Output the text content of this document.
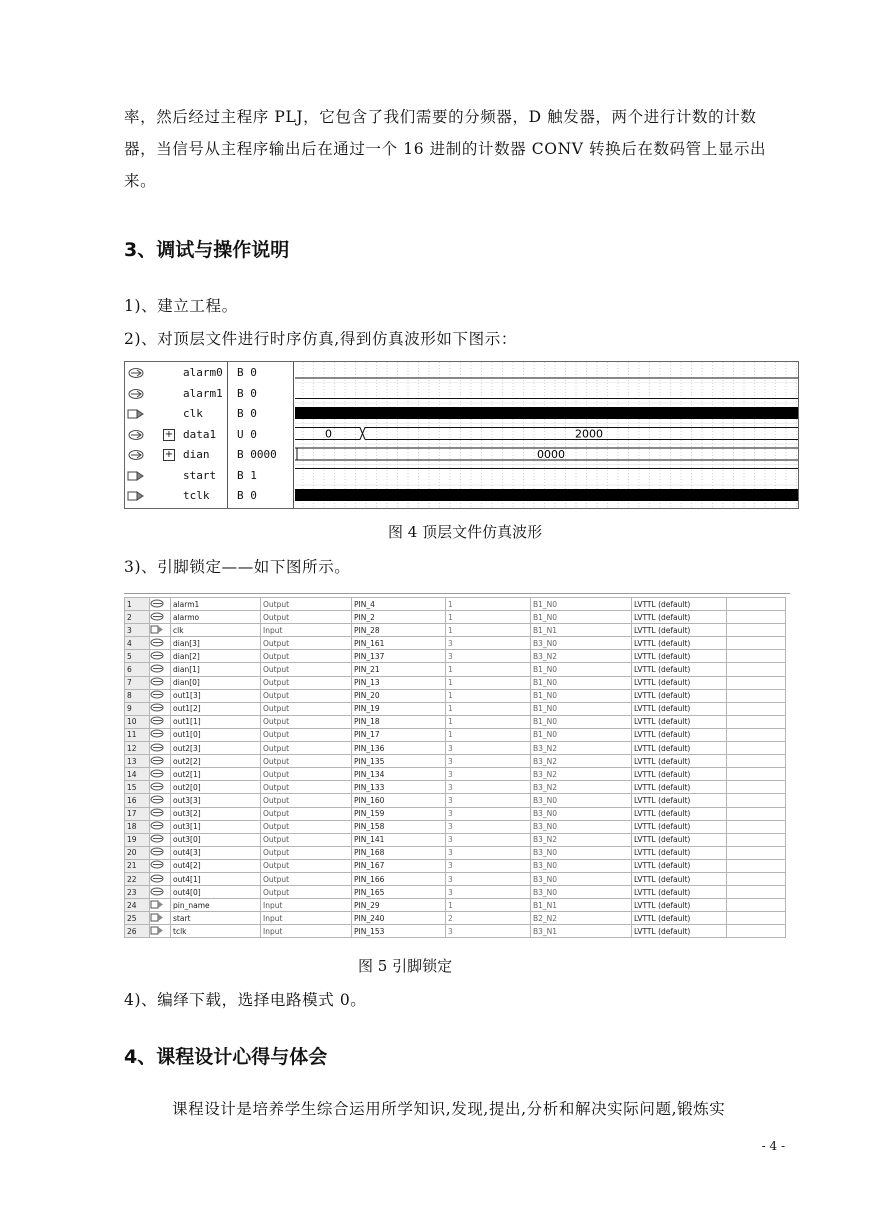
率，然后经过主程序 PLJ，它包含了我们需要的分频器，D 触发器，两个进行计数的计数器，当信号从主程序输出后在通过一个 16 进制的计数器 CONV 转换后在数码管上显示出来。
3、调试与操作说明
1)、建立工程。
2)、对顶层文件进行时序仿真,得到仿真波形如下图示：
alarm0 B 0
alarm1 B 0
clk	B 0
+ data1 U 0
+ dian	B 0000
start B 1
tclk	B 0
0	2000
0000
图 4 顶层文件仿真波形
3)、引脚锁定——如下图所示。
1		alarm1	Output	PIN_4	1	B1_N0	LVTTL (default)	
2		alarmo	Output	PIN_2	1	B1_N0	LVTTL (default)	
3		clk	Input	PIN_28	1	B1_N1	LVTTL (default)	
4		dian[3]	Output	PIN_161	3	B3_N0	LVTTL (default)	
5		dian[2]	Output	PIN_137	3	B3_N2	LVTTL (default)	
6		dian[1]	Output	PIN_21	1	B1_N0	LVTTL (default)	
7		dian[0]	Output	PIN_13	1	B1_N0	LVTTL (default)	
8		out1[3]	Output	PIN_20	1	B1_N0	LVTTL (default)	
9		out1[2]	Output	PIN_19	1	B1_N0	LVTTL (default)	
10		out1[1]	Output	PIN_18	1	B1_N0	LVTTL (default)	
11		out1[0]	Output	PIN_17	1	B1_N0	LVTTL (default)	
12		out2[3]	Output	PIN_136	3	B3_N2	LVTTL (default)	
13		out2[2]	Output	PIN_135	3	B3_N2	LVTTL (default)	
14		out2[1]	Output	PIN_134	3	B3_N2	LVTTL (default)	
15		out2[0]	Output	PIN_133	3	B3_N2	LVTTL (default)	
16		out3[3]	Output	PIN_160	3	B3_N0	LVTTL (default)	
17		out3[2]	Output	PIN_159	3	B3_N0	LVTTL (default)	
18		out3[1]	Output	PIN_158	3	B3_N0	LVTTL (default)	
19		out3[0]	Output	PIN_141	3	B3_N2	LVTTL (default)	
20		out4[3]	Output	PIN_168	3	B3_N0	LVTTL (default)	
21		out4[2]	Output	PIN_167	3	B3_N0	LVTTL (default)	
22		out4[1]	Output	PIN_166	3	B3_N0	LVTTL (default)	
23		out4[0]	Output	PIN_165	3	B3_N0	LVTTL (default)	
24		pin_name	Input	PIN_29	1	B1_N1	LVTTL (default)	
25		start	Input	PIN_240	2	B2_N2	LVTTL (default)	
26		tclk	Input	PIN_153	3	B3_N1	LVTTL (default)	
图 5 引脚锁定
4)、编绎下载，选择电路模式 0。
4、课程设计心得与体会
课程设计是培养学生综合运用所学知识,发现,提出,分析和解决实际问题,锻炼实
- 4 -
